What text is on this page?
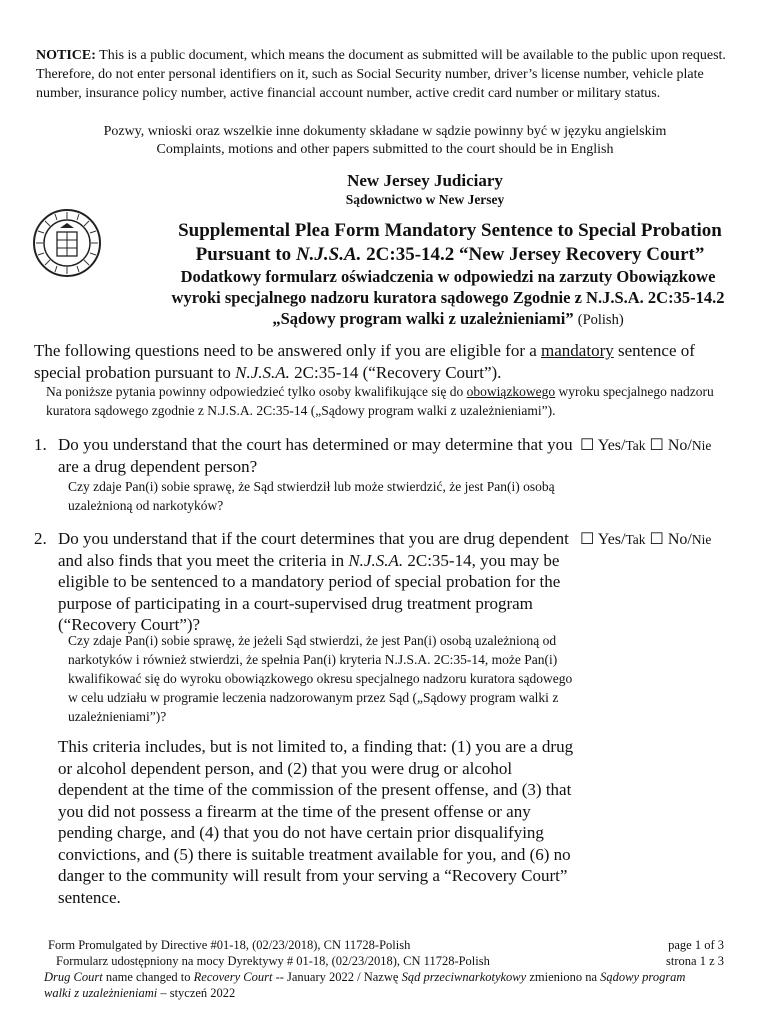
NOTICE: This is a public document, which means the document as submitted will be available to the public upon request. Therefore, do not enter personal identifiers on it, such as Social Security number, driver’s license number, vehicle plate number, insurance policy number, active financial account number, active credit card number or military status.
Pozwy, wnioski oraz wszelkie inne dokumenty składane w sądzie powinny być w języku angielskim
Complaints, motions and other papers submitted to the court should be in English
New Jersey Judiciary
Sądownictwo w New Jersey
Supplemental Plea Form Mandatory Sentence to Special Probation
Pursuant to N.J.S.A. 2C:35-14.2 “New Jersey Recovery Court”
Dodatkowy formularz oświadczenia w odpowiedzi na zarzuty Obowiązkowe
wyroki specjalnego nadzoru kuratora sądowego Zgodnie z N.J.S.A. 2C:35-14.2
„Sądowy program walki z uzależnieniami” (Polish)
The following questions need to be answered only if you are eligible for a mandatory sentence of special probation pursuant to N.J.S.A. 2C:35-14 (“Recovery Court”).
Na poniższe pytania powinny odpowiedzieć tylko osoby kwalifikujące się do obowiązkowego wyroku specjalnego nadzoru kuratora sądowego zgodnie z N.J.S.A. 2C:35-14 („Sądowy program walki z uzależnieniami”).
1. Do you understand that the court has determined or may determine that you are a drug dependent person?
Czy zdaje Pan(i) sobie sprawę, że Sąd stwierdził lub może stwierdzić, że jest Pan(i) osobą uzależnioną od narkotyków?
☐ Yes/Tak ☐ No/Nie
2. Do you understand that if the court determines that you are drug dependent and also finds that you meet the criteria in N.J.S.A. 2C:35-14, you may be eligible to be sentenced to a mandatory period of special probation for the purpose of participating in a court-supervised drug treatment program (“Recovery Court”)?
Czy zdaje Pan(i) sobie sprawę, że jeżeli Sąd stwierdzi, że jest Pan(i) osobą uzależnioną od narkotyków i również stwierdzi, że spełnia Pan(i) kryteria N.J.S.A. 2C:35-14, może Pan(i) kwalifikować się do wyroku obowiązkowego okresu specjalnego nadzoru kuratora sądowego w celu udziału w programie leczenia nadzorowanym przez Sąd („Sądowy program walki z uzależnieniami”)?
☐ Yes/Tak ☐ No/Nie
This criteria includes, but is not limited to, a finding that: (1) you are a drug or alcohol dependent person, and (2) that you were drug or alcohol dependent at the time of the commission of the present offense, and (3) that you did not possess a firearm at the time of the present offense or any pending charge, and (4) that you do not have certain prior disqualifying convictions, and (5) there is suitable treatment available for you, and (6) no danger to the community will result from your serving a “Recovery Court” sentence.
Form Promulgated by Directive #01-18, (02/23/2018), CN 11728-Polish
Formularz udostępniony na mocy Dyrektywy # 01-18, (02/23/2018), CN 11728-Polish
page 1 of 3
strona 1 z 3
Drug Court name changed to Recovery Court -- January 2022 / Nazwę Sąd przeciwnarkotykowy zmieniono na Sądowy program walki z uzależnieniami – styczeń 2022
